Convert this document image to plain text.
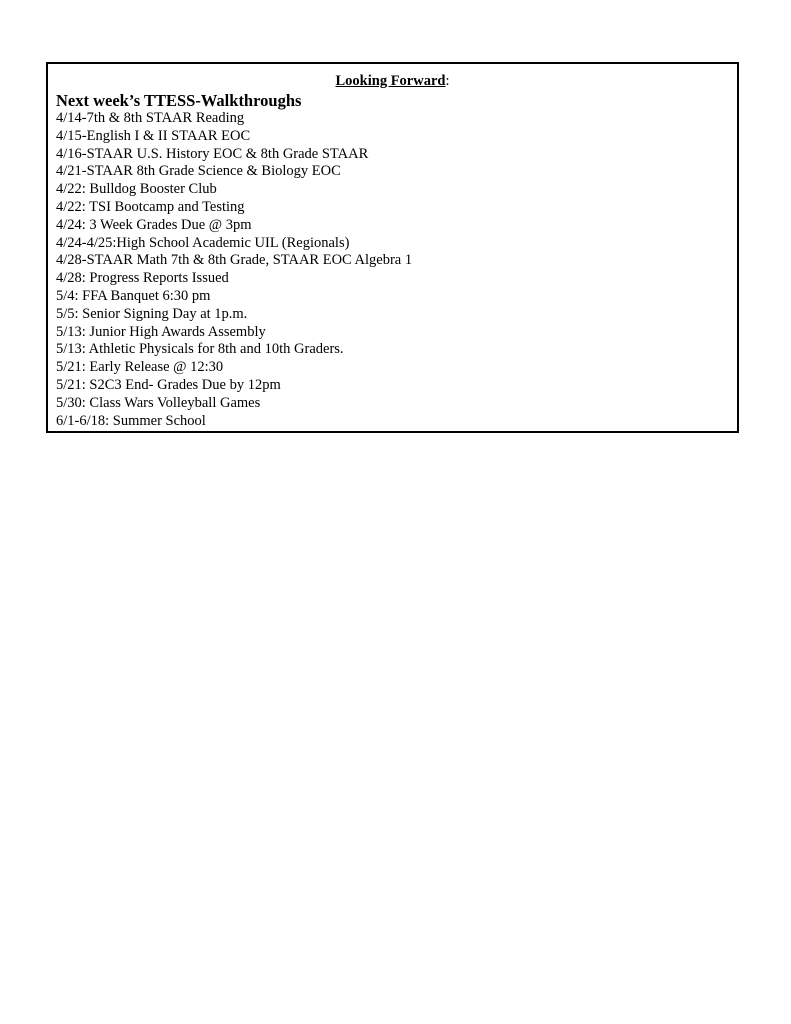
Looking Forward:
Next week’s TTESS-Walkthroughs
4/14-7th & 8th STAAR Reading
4/15-English I & II STAAR EOC
4/16-STAAR U.S. History EOC & 8th Grade STAAR
4/21-STAAR 8th Grade Science & Biology EOC
4/22: Bulldog Booster Club
4/22: TSI Bootcamp and Testing
4/24: 3 Week Grades Due @ 3pm
4/24-4/25:High School Academic UIL (Regionals)
4/28-STAAR Math 7th & 8th Grade, STAAR EOC Algebra 1
4/28: Progress Reports Issued
5/4: FFA Banquet 6:30 pm
5/5: Senior Signing Day at 1p.m.
5/13: Junior High Awards Assembly
5/13: Athletic Physicals for 8th and 10th Graders.
5/21: Early Release @ 12:30
5/21: S2C3 End- Grades Due by 12pm
5/30: Class Wars Volleyball Games
6/1-6/18: Summer School
